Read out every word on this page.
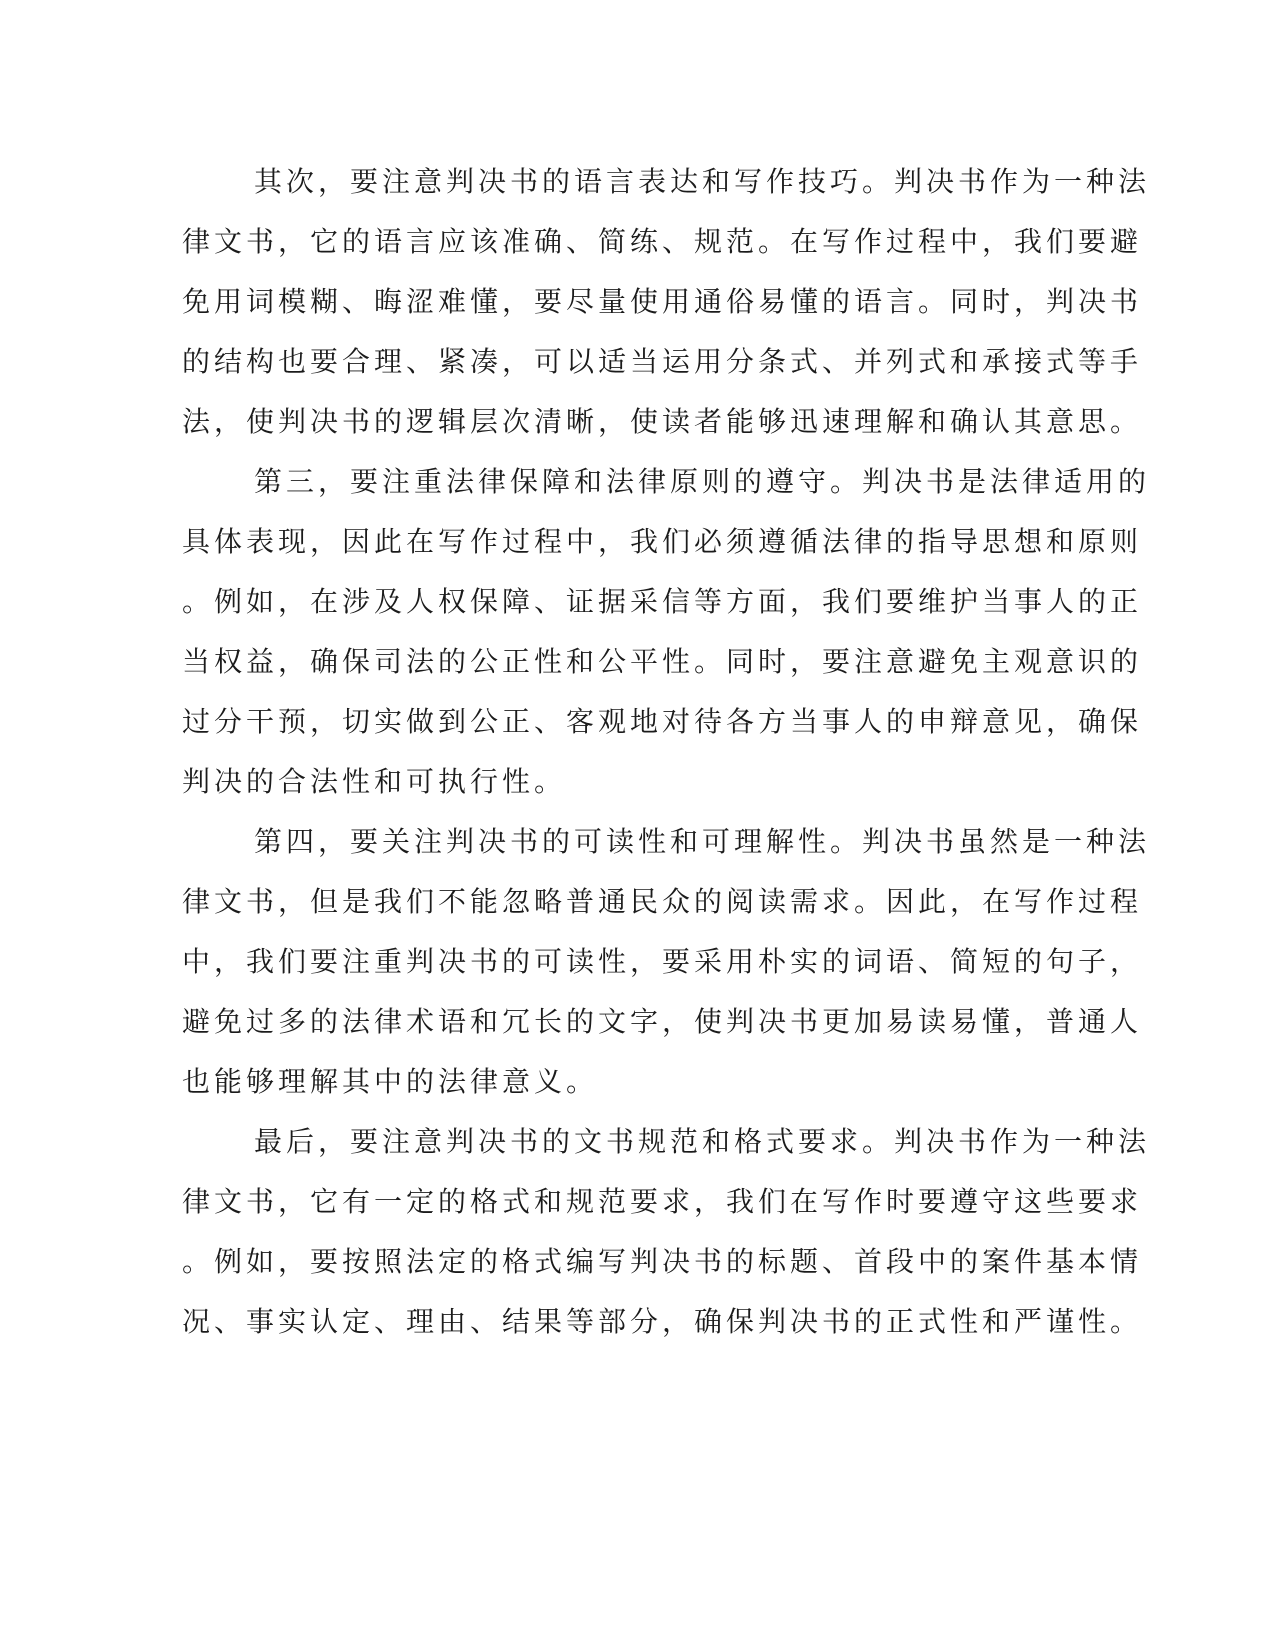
其次，要注意判决书的语言表达和写作技巧。判决书作为一种法
律文书，它的语言应该准确、简练、规范。在写作过程中，我们要避
免用词模糊、晦涩难懂，要尽量使用通俗易懂的语言。同时，判决书
的结构也要合理、紧凑，可以适当运用分条式、并列式和承接式等手
法，使判决书的逻辑层次清晰，使读者能够迅速理解和确认其意思。

第三，要注重法律保障和法律原则的遵守。判决书是法律适用的
具体表现，因此在写作过程中，我们必须遵循法律的指导思想和原则
。例如，在涉及人权保障、证据采信等方面，我们要维护当事人的正
当权益，确保司法的公正性和公平性。同时，要注意避免主观意识的
过分干预，切实做到公正、客观地对待各方当事人的申辩意见，确保
判决的合法性和可执行性。

第四，要关注判决书的可读性和可理解性。判决书虽然是一种法
律文书，但是我们不能忽略普通民众的阅读需求。因此，在写作过程
中，我们要注重判决书的可读性，要采用朴实的词语、简短的句子，
避免过多的法律术语和冗长的文字，使判决书更加易读易懂，普通人
也能够理解其中的法律意义。

最后，要注意判决书的文书规范和格式要求。判决书作为一种法
律文书，它有一定的格式和规范要求，我们在写作时要遵守这些要求
。例如，要按照法定的格式编写判决书的标题、首段中的案件基本情
况、事实认定、理由、结果等部分，确保判决书的正式性和严谨性。
